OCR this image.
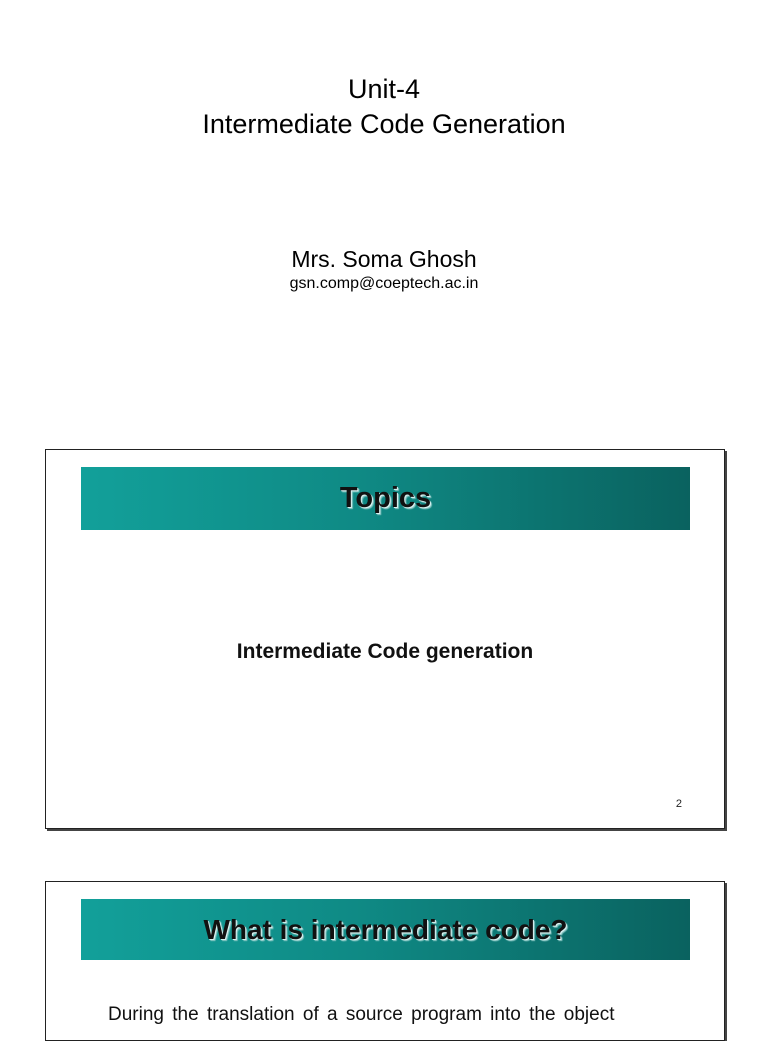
Unit-4
Intermediate Code Generation
Mrs. Soma Ghosh
gsn.comp@coeptech.ac.in
Topics
Intermediate Code generation
2
What is intermediate code?
During the translation of a source program into the object
